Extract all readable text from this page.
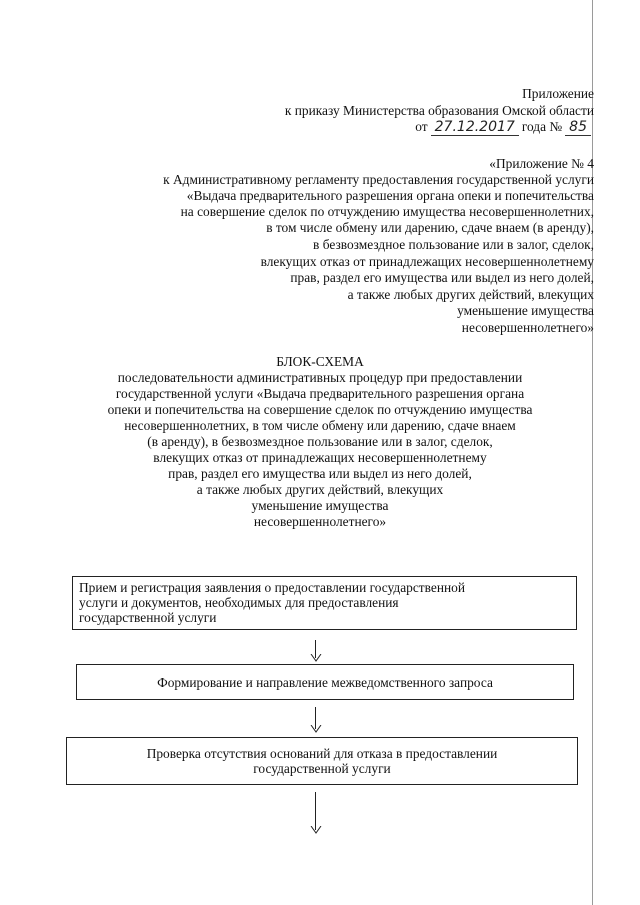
Приложение
к приказу Министерства образования Омской области
от 27.12.2017 года № 85
«Приложение № 4
к Административному регламенту предоставления государственной услуги
«Выдача предварительного разрешения органа опеки и попечительства
на совершение сделок по отчуждению имущества несовершеннолетних,
в том числе обмену или дарению, сдаче внаем (в аренду),
в безвозмездное пользование или в залог, сделок,
влекущих отказ от принадлежащих несовершеннолетнему
прав, раздел его имущества или выдел из него долей,
а также любых других действий, влекущих
уменьшение имущества
несовершеннолетнего»
БЛОК-СХЕМА
последовательности административных процедур при предоставлении
государственной услуги «Выдача предварительного разрешения органа
опеки и попечительства на совершение сделок по отчуждению имущества
несовершеннолетних, в том числе обмену или дарению, сдаче внаем
(в аренду), в безвозмездное пользование или в залог, сделок,
влекущих отказ от принадлежащих несовершеннолетнему
прав, раздел его имущества или выдел из него долей,
а также любых других действий, влекущих
уменьшение имущества
несовершеннолетнего»
Прием и регистрация заявления о предоставлении государственной
услуги и документов, необходимых для предоставления
государственной услуги
Формирование и направление межведомственного запроса
Проверка отсутствия оснований для отказа в предоставлении
государственной услуги
